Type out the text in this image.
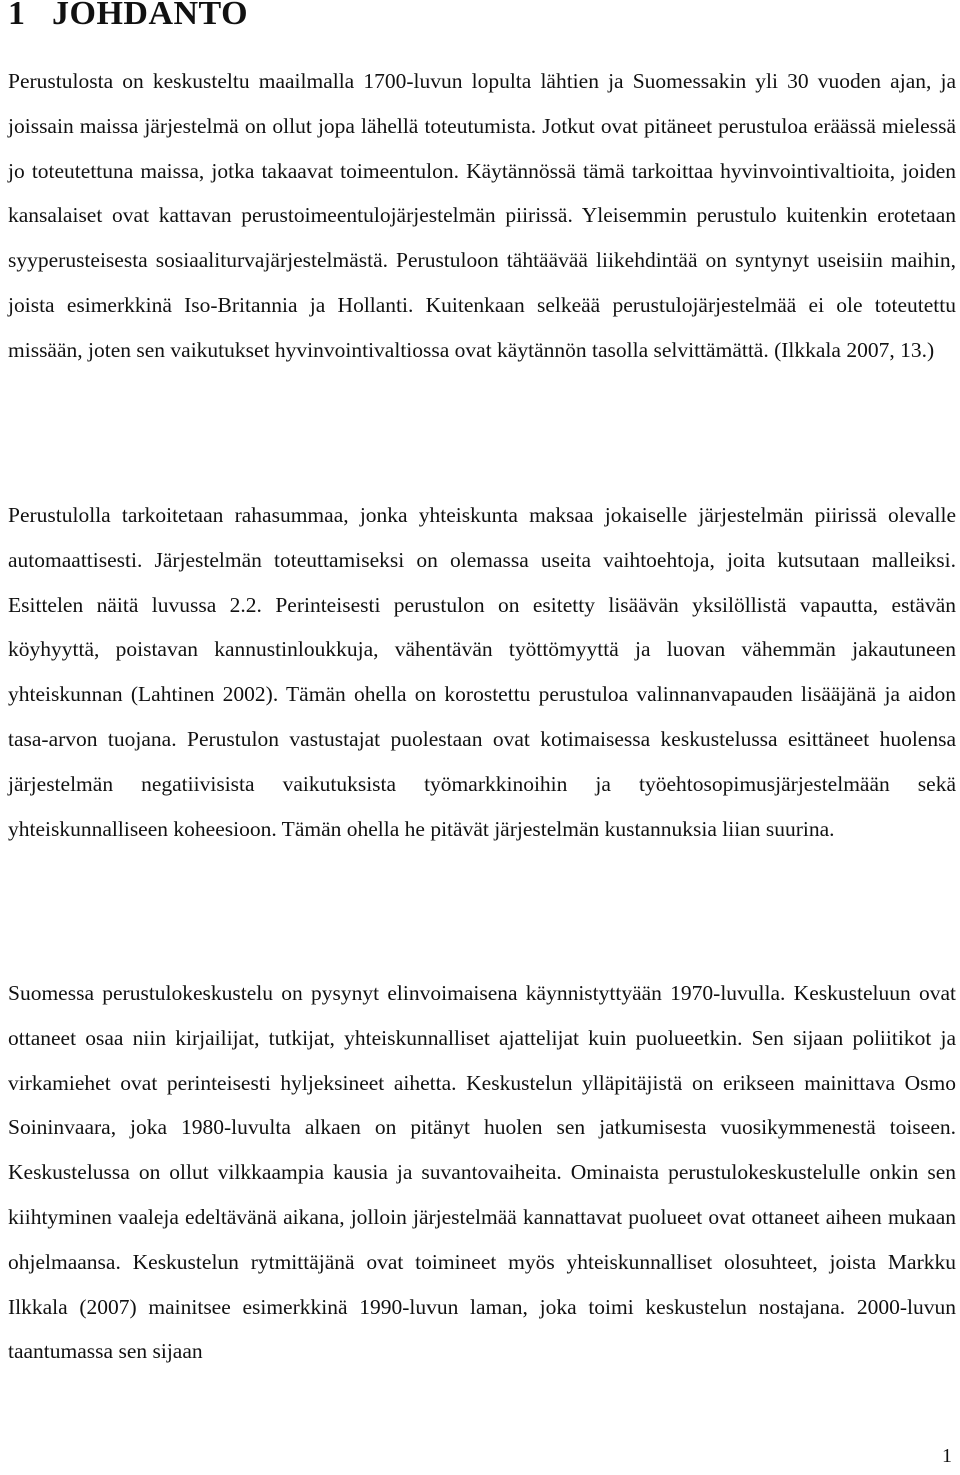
1 JOHDANTO

Perustulosta on keskusteltu maailmalla 1700-luvun lopulta lähtien ja Suomessakin yli 30 vuoden ajan, ja joissain maissa järjestelmä on ollut jopa lähellä toteutumista. Jotkut ovat pitäneet perustuloa eräässä mielessä jo toteutettuna maissa, jotka takaavat toimeentulon. Käytännössä tämä tarkoittaa hyvinvointivaltioita, joiden kansalaiset ovat kattavan perustoimeentulojärjestelmän piirissä. Yleisemmin perustulo kuitenkin erotetaan syyperusteisesta sosiaaliturvajärjestelmästä. Perustuloon tähtäävää liikehdintää on syntynyt useisiin maihin, joista esimerkkinä Iso-Britannia ja Hollanti. Kuitenkaan selkeää perustulojärjestelmää ei ole toteutettu missään, joten sen vaikutukset hyvinvointivaltiossa ovat käytännön tasolla selvittämättä. (Ilkkala 2007, 13.)

Perustulolla tarkoitetaan rahasummaa, jonka yhteiskunta maksaa jokaiselle järjestelmän piirissä olevalle automaattisesti. Järjestelmän toteuttamiseksi on olemassa useita vaihtoehtoja, joita kutsutaan malleiksi. Esittelen näitä luvussa 2.2. Perinteisesti perustulon on esitetty lisäävän yksilöllistä vapautta, estävän köyhyyttä, poistavan kannustinloukkuja, vähentävän työttömyyttä ja luovan vähemmän jakautuneen yhteiskunnan (Lahtinen 2002). Tämän ohella on korostettu perustuloa valinnanvapauden lisääjänä ja aidon tasa-arvon tuojana. Perustulon vastustajat puolestaan ovat kotimaisessa keskustelussa esittäneet huolensa järjestelmän negatiivisista vaikutuksista työmarkkinoihin ja työehtosopimusjärjestelmään sekä yhteiskunnalliseen koheesioon. Tämän ohella he pitävät järjestelmän kustannuksia liian suurina.

Suomessa perustulokeskustelu on pysynyt elinvoimaisena käynnistyttyään 1970-luvulla. Keskusteluun ovat ottaneet osaa niin kirjailijat, tutkijat, yhteiskunnalliset ajattelijat kuin puolueetkin. Sen sijaan poliitikot ja virkamiehet ovat perinteisesti hyljeksineet aihetta. Keskustelun ylläpitäjistä on erikseen mainittava Osmo Soininvaara, joka 1980-luvulta alkaen on pitänyt huolen sen jatkumisesta vuosikymmenestä toiseen. Keskustelussa on ollut vilkkaampia kausia ja suvantovaiheita. Ominaista perustulokeskustelulle onkin sen kiihtyminen vaaleja edeltävänä aikana, jolloin järjestelmää kannattavat puolueet ovat ottaneet aiheen mukaan ohjelmaansa. Keskustelun rytmittäjänä ovat toimineet myös yhteiskunnalliset olosuhteet, joista Markku Ilkkala (2007) mainitsee esimerkkinä 1990-luvun laman, joka toimi keskustelun nostajana. 2000-luvun taantumassa sen sijaan

1
